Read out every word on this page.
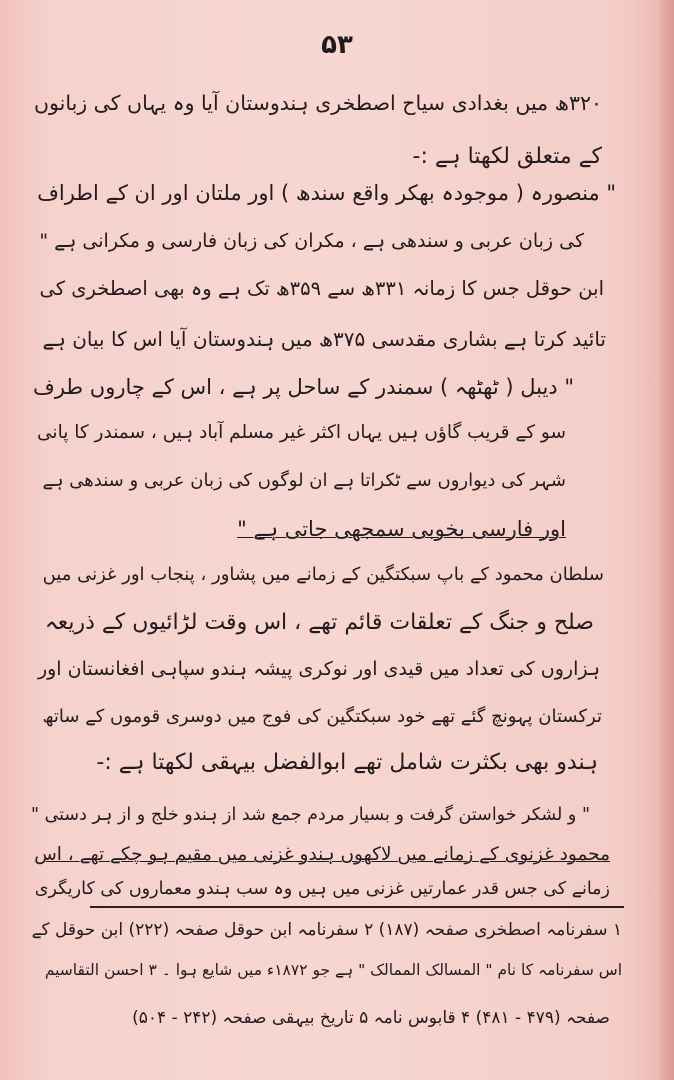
۵۳
۳۲۰ھ میں بغدادی سیاح اصطخری ہندوستان آیا وہ یہاں کی زبانوں
کے متعلق لکھتا ہے :-
" منصورہ ( موجودہ بھکر واقع سندھ ) اور ملتان اور ان کے اطراف
کی زبان عربی و سندھی ہے ، مکران کی زبان فارسی و مکرانی ہے "
ابن حوقل جس کا زمانہ ۳۳۱ھ سے ۳۵۹ھ تک ہے وہ بھی اصطخری کی
تائید کرتا ہے بشاری مقدسی ۳۷۵ھ میں ہندوستان آیا اس کا بیان ہے
" دیبل ( ٹھٹھہ ) سمندر کے ساحل پر ہے ، اس کے چاروں طرف
سو کے قریب گاؤں ہیں یہاں اکثر غیر مسلم آباد ہیں ، سمندر کا پانی
شہر کی دیواروں سے ٹکراتا ہے ان لوگوں کی زبان عربی و سندھی ہے
اور فارسی بخوبی سمجھی جاتی ہے "
سلطان محمود کے باپ سبکتگین کے زمانے میں پشاور ، پنجاب اور غزنی میں
صلح و جنگ کے تعلقات قائم تھے ، اس وقت لڑائیوں کے ذریعہ
ہزاروں کی تعداد میں قیدی اور نوکری پیشہ ہندو سپاہی افغانستان اور
ترکستان پہونچ گئے تھے خود سبکتگین کی فوج میں دوسری قوموں کے ساتھ
ہندو بھی بکثرت شامل تھے ابوالفضل بیہقی لکھتا ہے :-
" و لشکر خواستن گرفت و بسیار مردم جمع شد از ہندو خلج و از ہر دستی "
محمود غزنوی کے زمانے میں لاکھوں ہندو غزنی میں مقیم ہو چکے تھے ، اس
زمانے کی جس قدر عمارتیں غزنی میں ہیں وہ سب ہندو معماروں کی کاریگری
۱ سفرنامہ اصطخری صفحہ (۱۸۷) ۲ سفرنامہ ابن حوقل صفحہ (۲۲۲) ابن حوقل کے
اس سفرنامہ کا نام " المسالک الممالک " ہے جو ۱۸۷۲ء میں شایع ہوا ۔ ۳ احسن التقاسیم
صفحہ (۴۷۹ - ۴۸۱) ۴ قابوس نامہ ۵ تاریخ بیہقی صفحہ (۲۴۲ - ۵۰۴)
